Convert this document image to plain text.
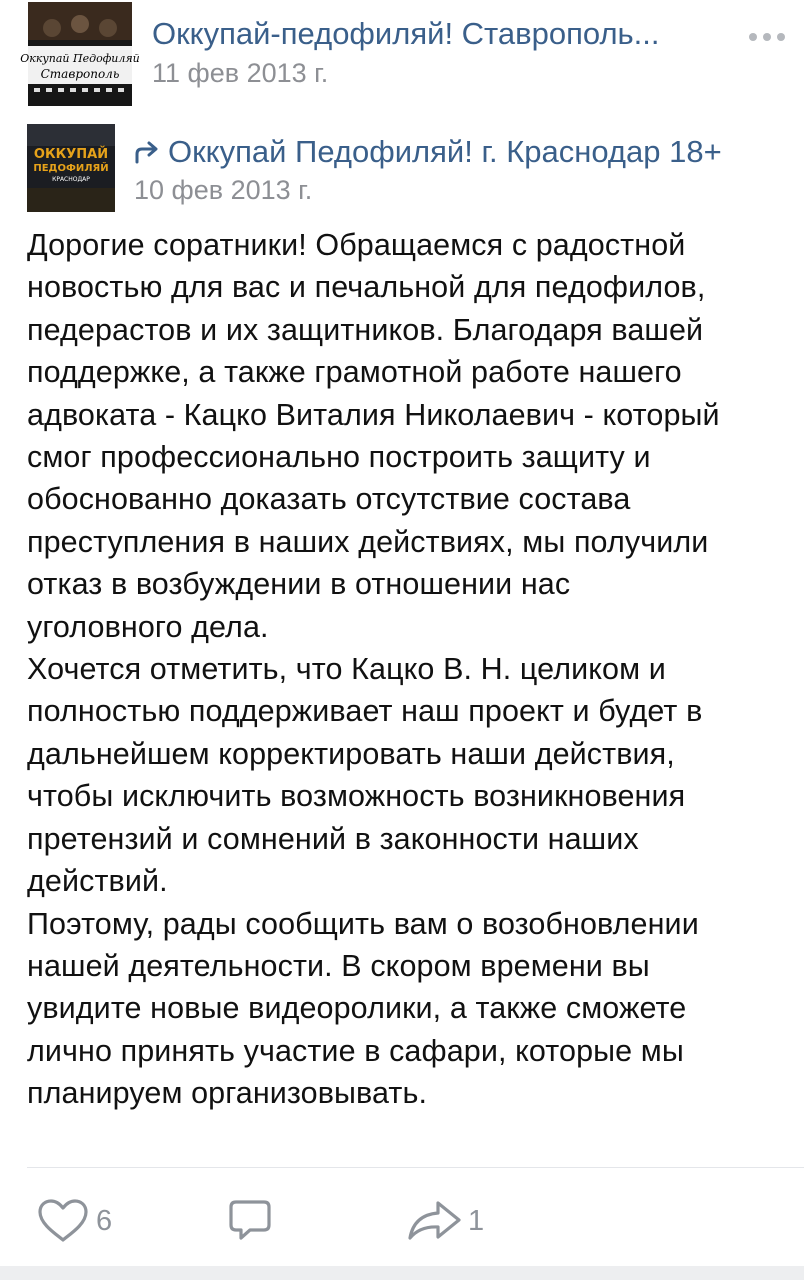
Оккупай Педофиляй
Ставрополь
Оккупай-педофиляй! Ставрополь...
11 фев 2013 г.
ОККУПАЙ
ПЕДОФИЛЯЙ
КРАСНОДАР
Оккупай Педофиляй! г. Краснодар 18+
10 фев 2013 г.
Дорогие соратники! Обращаемся с радостной
новостью для вас и печальной для педофилов,
педерастов и их защитников. Благодаря вашей
поддержке, а также грамотной работе нашего
адвоката - Кацко Виталия Николаевич - который
смог профессионально построить защиту и
обоснованно доказать отсутствие состава
преступления в наших действиях, мы получили
отказ в возбуждении в отношении нас
уголовного дела.
Хочется отметить, что Кацко В. Н. целиком и
полностью поддерживает наш проект и будет в
дальнейшем корректировать наши действия,
чтобы исключить возможность возникновения
претензий и сомнений в законности наших
действий.
Поэтому, рады сообщить вам о возобновлении
нашей деятельности. В скором времени вы
увидите новые видеоролики, а также сможете
лично принять участие в сафари, которые мы
планируем организовывать.
6	1
